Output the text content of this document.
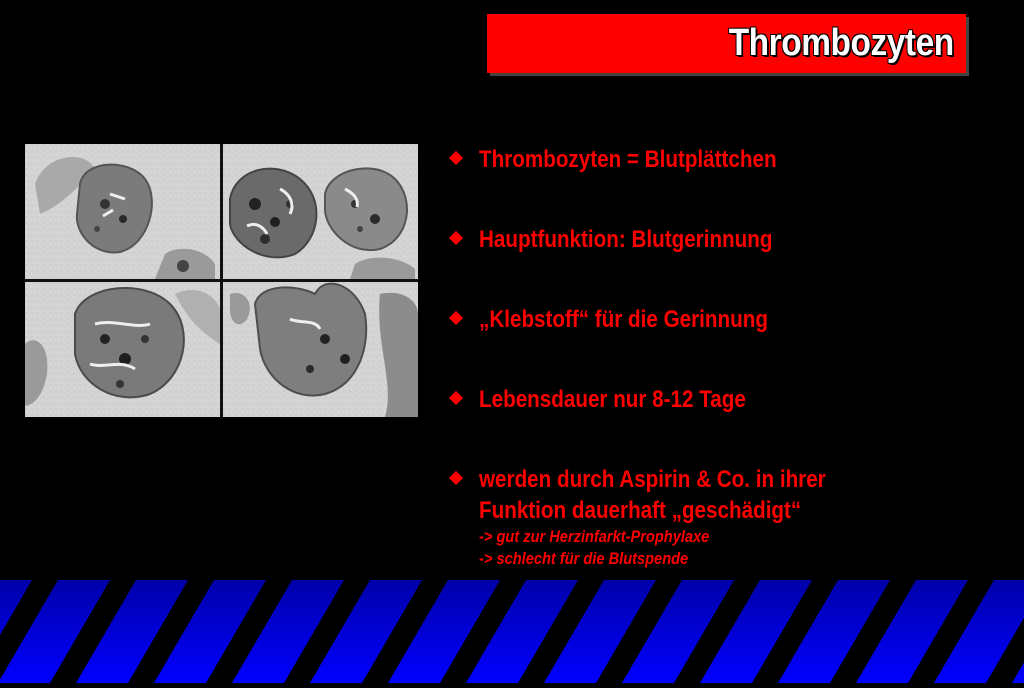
Thrombozyten
Thrombozyten = Blutplättchen
Hauptfunktion: Blutgerinnung
„Klebstoff“ für die Gerinnung
Lebensdauer nur 8-12 Tage
werden durch Aspirin & Co. in ihrer
Funktion dauerhaft „geschädigt“
-> gut zur Herzinfarkt-Prophylaxe
-> schlecht für die Blutspende
